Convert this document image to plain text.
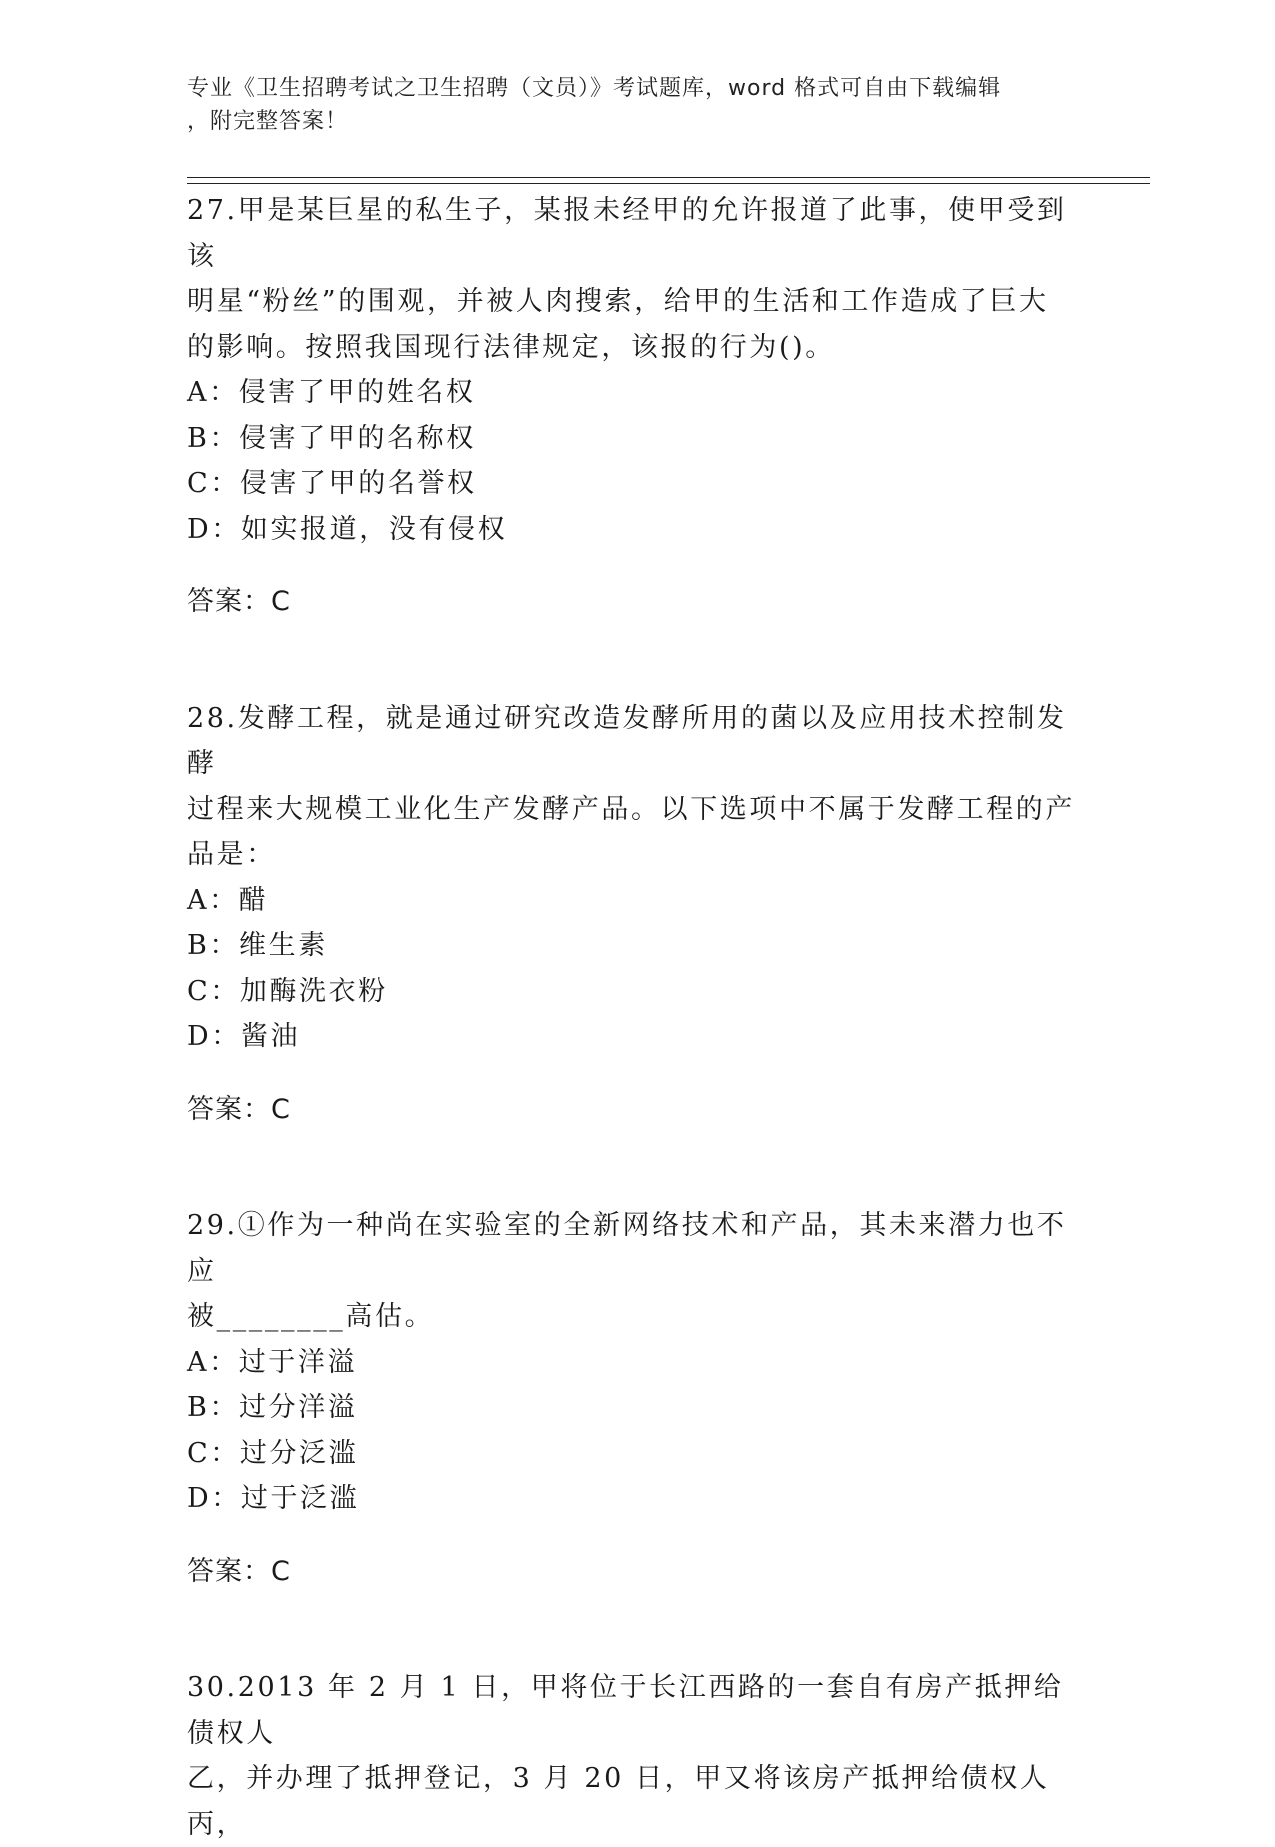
专业《卫生招聘考试之卫生招聘（文员）》考试题库，word 格式可自由下载编辑
，附完整答案！

27.甲是某巨星的私生子，某报未经甲的允许报道了此事，使甲受到该

明星“粉丝”的围观，并被人肉搜索，给甲的生活和工作造成了巨大

的影响。按照我国现行法律规定，该报的行为()。

A：侵害了甲的姓名权

B：侵害了甲的名称权

C：侵害了甲的名誉权

D：如实报道，没有侵权

答案：C

28.发酵工程，就是通过研究改造发酵所用的菌以及应用技术控制发酵

过程来大规模工业化生产发酵产品。以下选项中不属于发酵工程的产

品是：

A：醋

B：维生素

C：加酶洗衣粉

D：酱油

答案：C

29.①作为一种尚在实验室的全新网络技术和产品，其未来潜力也不应

被________高估。

A：过于洋溢

B：过分洋溢

C：过分泛滥

D：过于泛滥

答案：C

30.2013 年 2 月 1 日，甲将位于长江西路的一套自有房产抵押给债权人

乙，并办理了抵押登记，3 月 20 日，甲又将该房产抵押给债权人丙，
